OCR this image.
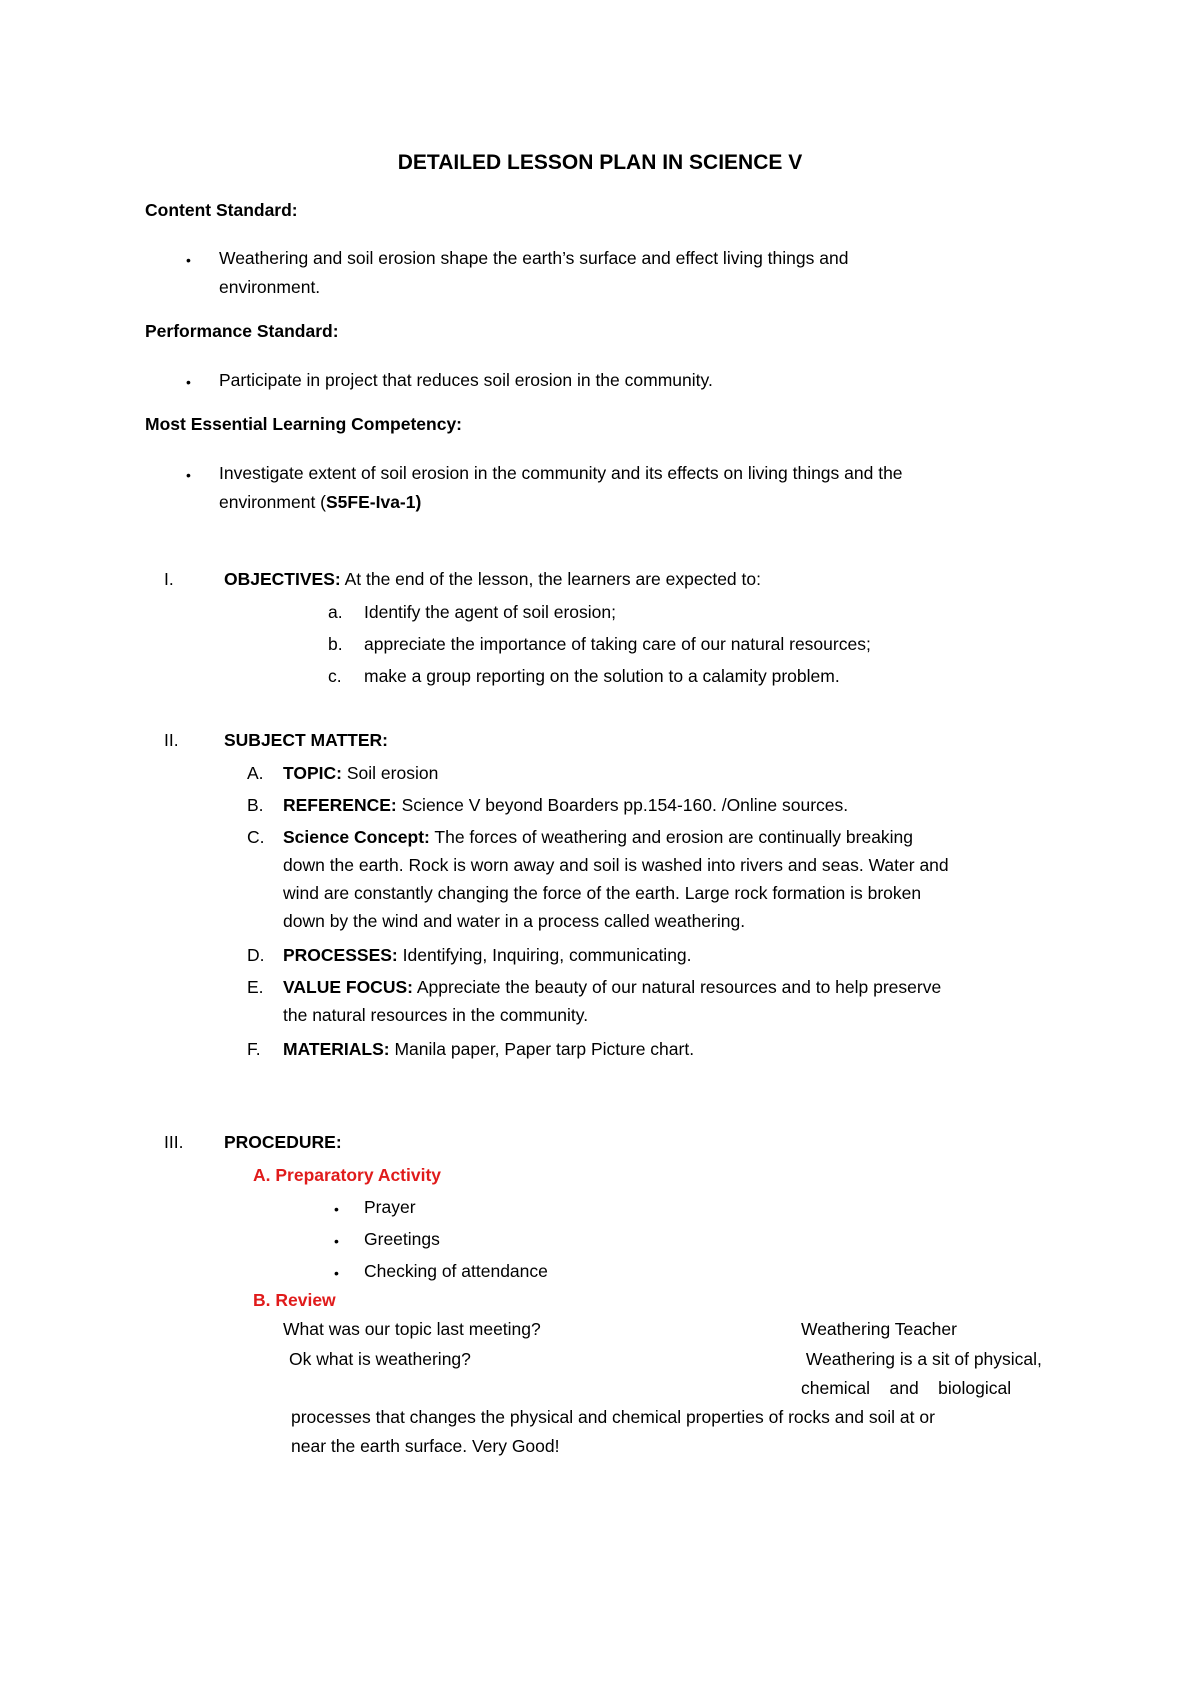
DETAILED LESSON PLAN IN SCIENCE V
Content Standard:
• Weathering and soil erosion shape the earth’s surface and effect living things and
environment.
Performance Standard:
• Participate in project that reduces soil erosion in the community.
Most Essential Learning Competency:
• Investigate extent of soil erosion in the community and its effects on living things and the
environment (S5FE-Iva-1)
I.	OBJECTIVES: At the end of the lesson, the learners are expected to:
a. Identify the agent of soil erosion;
b. appreciate the importance of taking care of our natural resources;
c. make a group reporting on the solution to a calamity problem.
II.	SUBJECT MATTER:
A. TOPIC: Soil erosion
B. REFERENCE: Science V beyond Boarders pp.154-160. /Online sources.
C. Science Concept: The forces of weathering and erosion are continually breaking
down the earth. Rock is worn away and soil is washed into rivers and seas. Water and
wind are constantly changing the force of the earth. Large rock formation is broken
down by the wind and water in a process called weathering.
D. PROCESSES: Identifying, Inquiring, communicating.
E. VALUE FOCUS: Appreciate the beauty of our natural resources and to help preserve
the natural resources in the community.
F. MATERIALS: Manila paper, Paper tarp Picture chart.
III. PROCEDURE:
A. Preparatory Activity
• Prayer
• Greetings
• Checking of attendance
B. Review
What was our topic last meeting?	Weathering Teacher
Ok what is weathering?	Weathering is a sit of physical,
chemical    and    biological
processes that changes the physical and chemical properties of rocks and soil at or
near the earth surface. Very Good!
